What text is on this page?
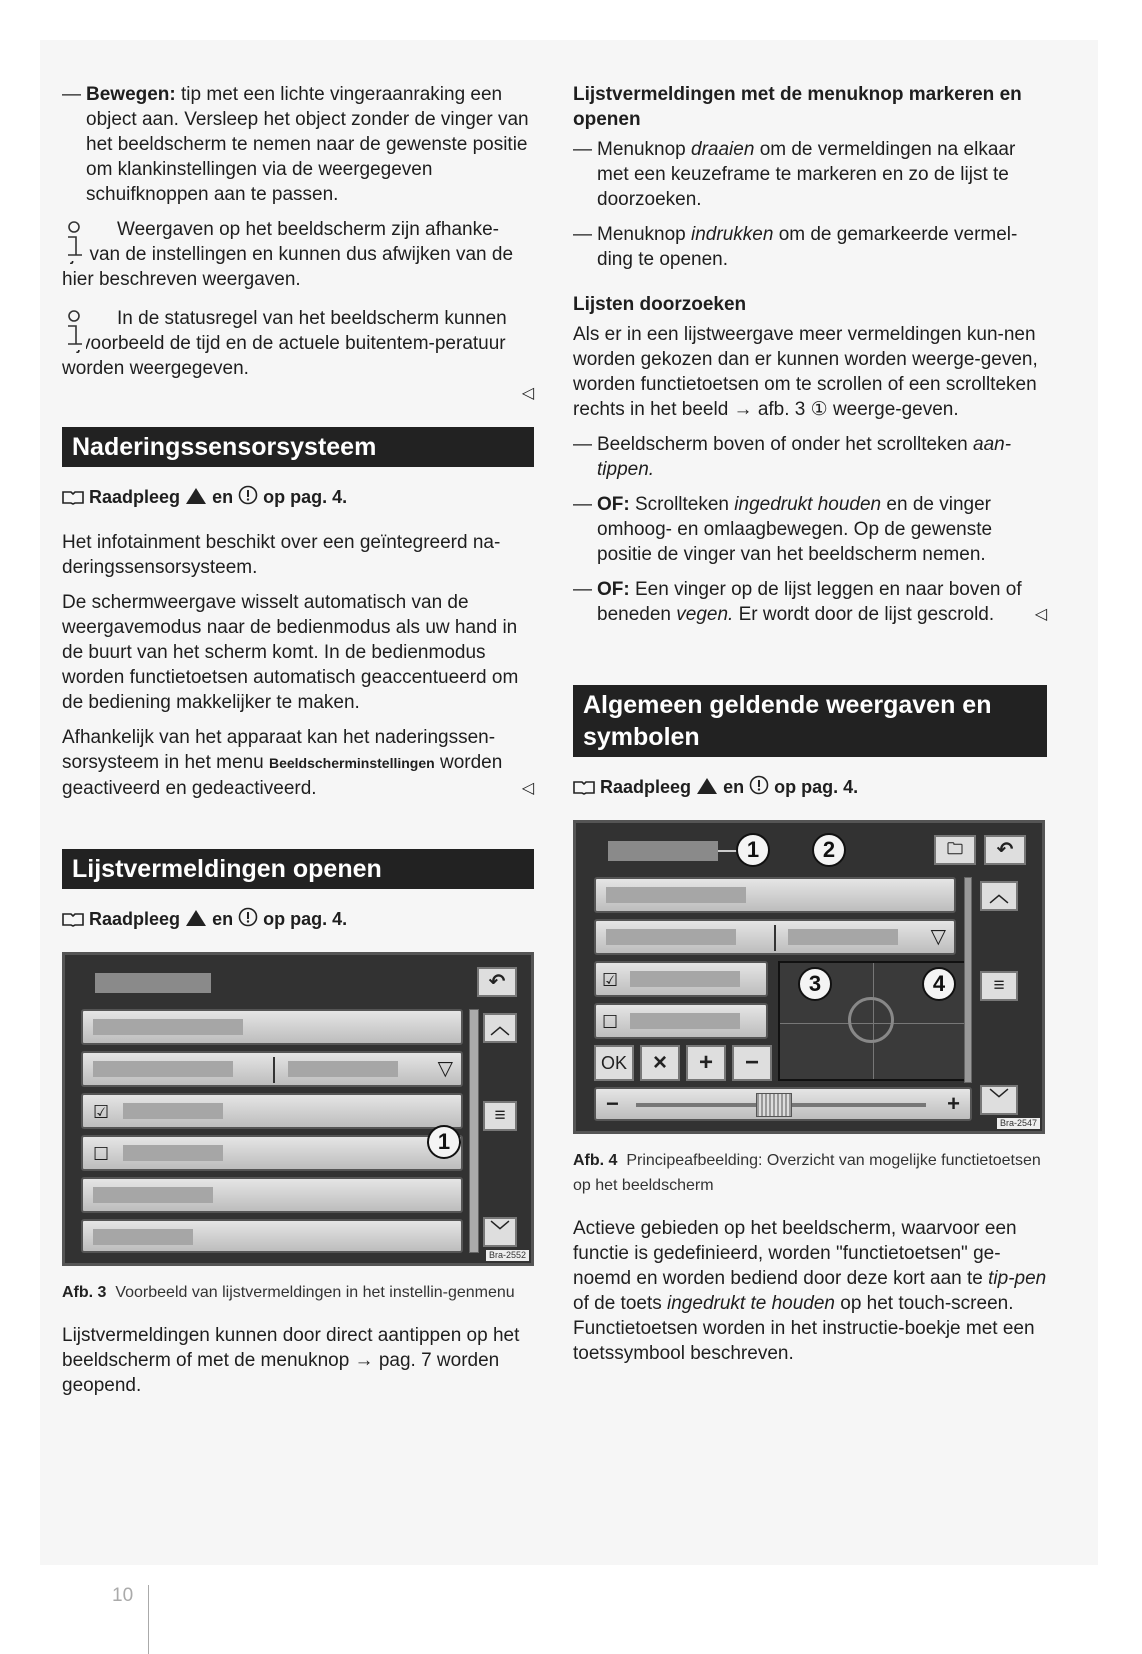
— Bewegen: tip met een lichte vingeraanraking een object aan. Versleep het object zonder de vinger van het beeldscherm te nemen naar de gewenste positie om klankinstellingen via de weergegeven schuifknoppen aan te passen.
Weergaven op het beeldscherm zijn afhanke-
lijk van de instellingen en kunnen dus afwijken van de hier beschreven weergaven.
In de statusregel van het beeldscherm kunnen
bijvoorbeeld de tijd en de actuele buitentem-peratuur worden weergegeven.
◁
Naderingssensorsysteem
Raadpleeg en op pag. 4.

Het infotainment beschikt over een geïntegreerd na-deringssensorsysteem.

De schermweergave wisselt automatisch van de weergavemodus naar de bedienmodus als uw hand in de buurt van het scherm komt. In de bedienmodus worden functietoetsen automatisch geaccentueerd om de bediening makkelijker te maken.

Afhankelijk van het apparaat kan het naderingssen-sorsysteem in het menu Beeldscherminstellingen worden geactiveerd en gedeactiveerd.	◁

Lijstvermeldingen openen
Raadpleeg en op pag. 4.
↶
▽
☑
☐
︿
≡
﹀
1
Bra-2552
Afb. 3 Voorbeeld van lijstvermeldingen in het instellin-genmenu

Lijstvermeldingen kunnen door direct aantippen op het beeldscherm of met de menuknop → pag. 7 worden geopend.

Lijstvermeldingen met de menuknop markeren en openen
— Menuknop draaien om de vermeldingen na elkaar met een keuzeframe te markeren en zo de lijst te doorzoeken.
— Menuknop indrukken om de gemarkeerde vermel-ding te openen.
Lijsten doorzoeken

Als er in een lijstweergave meer vermeldingen kun-nen worden gekozen dan er kunnen worden weerge-geven, worden functietoetsen om te scrollen of een scrollteken rechts in het beeld → afb. 3 ① weerge-geven.

— Beeldscherm boven of onder het scrollteken aan-tippen.
— OF: Scrollteken ingedrukt houden en de vinger omhoog- en omlaagbewegen. Op de gewenste positie de vinger van het beeldscherm nemen.
— OF: Een vinger op de lijst leggen en naar boven of beneden vegen. Er wordt door de lijst gescrold.	◁
Algemeen geldende weergaven en symbolen
Raadpleeg en op pag. 4.
1	2	🗀	↶
▽
☑
☐
OK	×	+	−
3	4
︿
≡
﹀
−	+
Bra-2547
Afb. 4 Principeafbeelding: Overzicht van mogelijke functietoetsen op het beeldscherm

Actieve gebieden op het beeldscherm, waarvoor een functie is gedefinieerd, worden "functietoetsen" ge-noemd en worden bediend door deze kort aan te tip-pen of de toets ingedrukt te houden op het touch-screen. Functietoetsen worden in het instructie-boekje met een toetssymbool beschreven.

10
